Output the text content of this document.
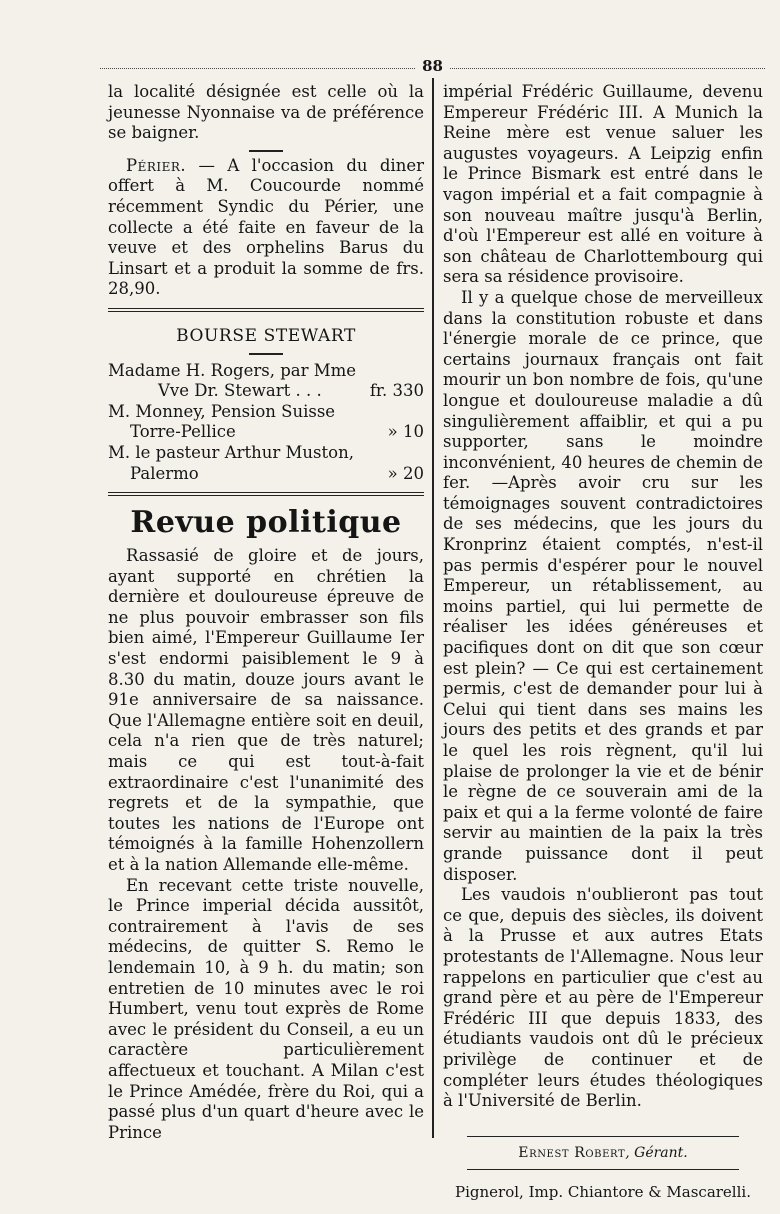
88

la localité désignée est celle où la jeunesse Nyonnaise va de préférence se baigner.

Périer. — A l'occasion du diner offert à M. Coucourde nommé récemment Syndic du Périer, une collecte a été faite en faveur de la veuve et des orphelins Barus du Linsart et a produit la somme de frs. 28,90.

BOURSE STEWART

Madame H. Rogers, par Mme
Vve Dr. Stewart . . .	fr. 330
M. Monney, Pension Suisse
Torre-Pellice	» 10
M. le pasteur Arthur Muston,
Palermo	» 20
Revue politique

Rassasié de gloire et de jours, ayant supporté en chrétien la dernière et douloureuse épreuve de ne plus pouvoir embrasser son fils bien aimé, l'Empereur Guillaume Ier s'est endormi paisiblement le 9 à 8.30 du matin, douze jours avant le 91e anniversaire de sa naissance. Que l'Allemagne entière soit en deuil, cela n'a rien que de très naturel; mais ce qui est tout-à-fait extraordinaire c'est l'unanimité des regrets et de la sympathie, que toutes les nations de l'Europe ont témoignés à la famille Hohenzollern et à la nation Allemande elle-même.

En recevant cette triste nouvelle, le Prince imperial décida aussitôt, contrairement à l'avis de ses médecins, de quitter S. Remo le lendemain 10, à 9 h. du matin; son entretien de 10 minutes avec le roi Humbert, venu tout exprès de Rome avec le président du Conseil, a eu un caractère particulièrement affectueux et touchant. A Milan c'est le Prince Amédée, frère du Roi, qui a passé plus d'un quart d'heure avec le Prince

impérial Frédéric Guillaume, devenu Empereur Frédéric III. A Munich la Reine mère est venue saluer les augustes voyageurs. A Leipzig enfin le Prince Bismark est entré dans le vagon impérial et a fait compagnie à son nouveau maître jusqu'à Berlin, d'où l'Empereur est allé en voiture à son château de Charlottembourg qui sera sa résidence provisoire.

Il y a quelque chose de merveilleux dans la constitution robuste et dans l'énergie morale de ce prince, que certains journaux français ont fait mourir un bon nombre de fois, qu'une longue et douloureuse maladie a dû singulièrement affaiblir, et qui a pu supporter, sans le moindre inconvénient, 40 heures de chemin de fer. —Après avoir cru sur les témoignages souvent contradictoires de ses médecins, que les jours du Kronprinz étaient comptés, n'est-il pas permis d'espérer pour le nouvel Empereur, un rétablissement, au moins partiel, qui lui permette de réaliser les idées généreuses et pacifiques dont on dit que son cœur est plein? — Ce qui est certainement permis, c'est de demander pour lui à Celui qui tient dans ses mains les jours des petits et des grands et par le quel les rois règnent, qu'il lui plaise de prolonger la vie et de bénir le règne de ce souverain ami de la paix et qui a la ferme volonté de faire servir au maintien de la paix la très grande puissance dont il peut disposer.

Les vaudois n'oublieront pas tout ce que, depuis des siècles, ils doivent à la Prusse et aux autres Etats protestants de l'Allemagne. Nous leur rappelons en particulier que c'est au grand père et au père de l'Empereur Frédéric III que depuis 1833, des étudiants vaudois ont dû le précieux privilège de continuer et de compléter leurs études théologiques à l'Université de Berlin.

Ernest Robert, Gérant.
Pignerol, Imp. Chiantore & Mascarelli.
